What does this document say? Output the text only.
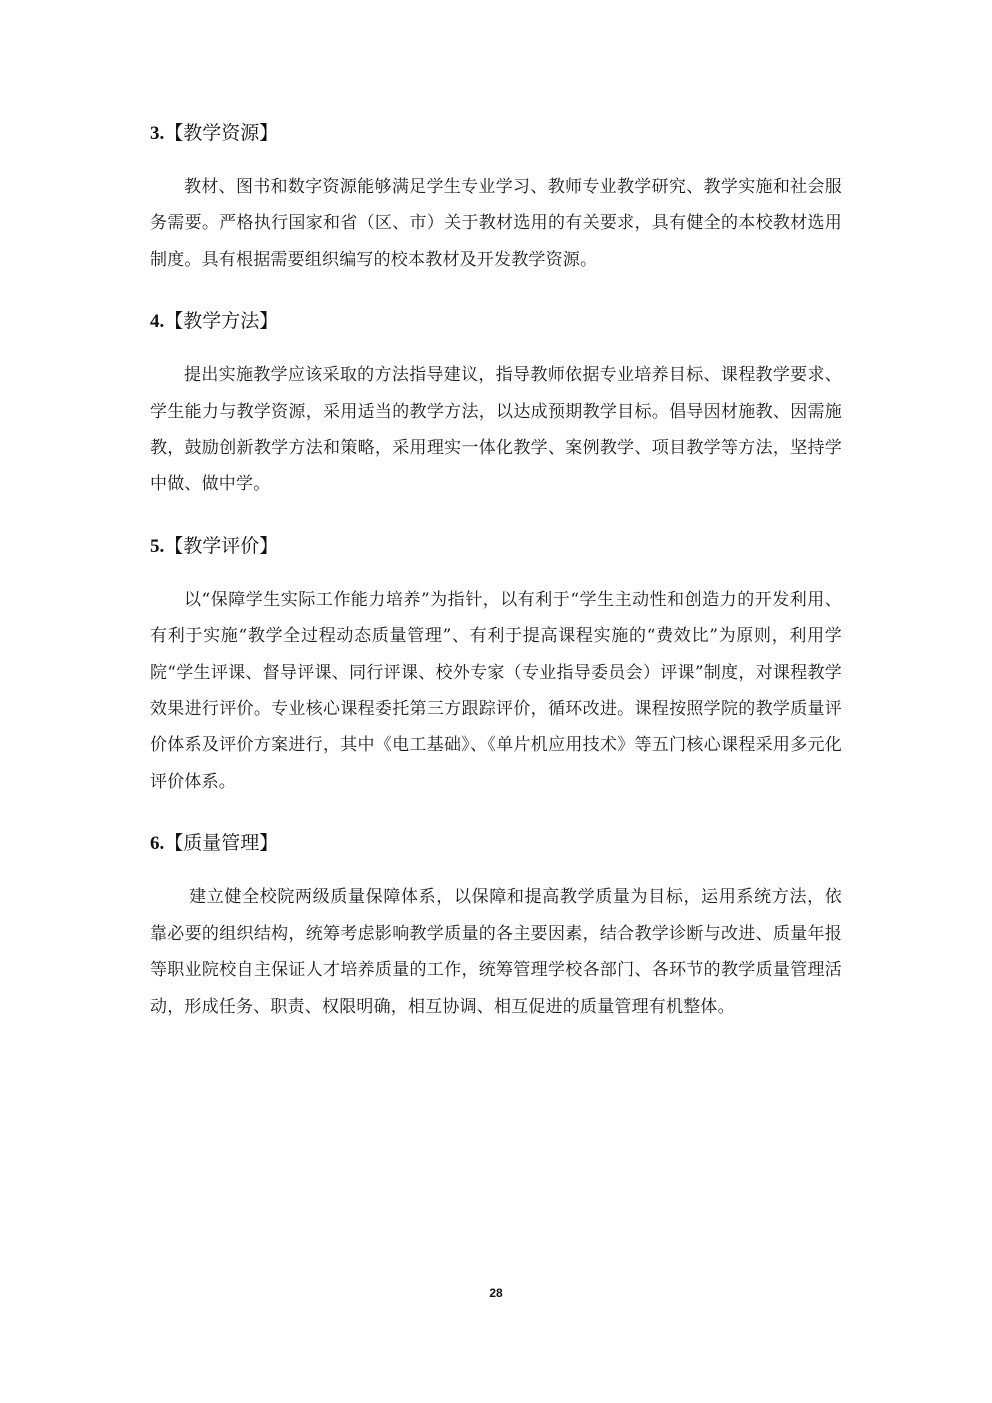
3.【教学资源】

教材、图书和数字资源能够满足学生专业学习、教师专业教学研究、教学实施和社会服务需要。严格执行国家和省（区、市）关于教材选用的有关要求，具有健全的本校教材选用制度。具有根据需要组织编写的校本教材及开发教学资源。

4.【教学方法】

提出实施教学应该采取的方法指导建议，指导教师依据专业培养目标、课程教学要求、学生能力与教学资源，采用适当的教学方法，以达成预期教学目标。倡导因材施教、因需施教，鼓励创新教学方法和策略，采用理实一体化教学、案例教学、项目教学等方法，坚持学中做、做中学。

5.【教学评价】

以“保障学生实际工作能力培养”为指针，以有利于“学生主动性和创造力的开发利用、有利于实施“教学全过程动态质量管理”、有利于提高课程实施的“费效比”为原则，利用学院“学生评课、督导评课、同行评课、校外专家（专业指导委员会）评课”制度，对课程教学效果进行评价。专业核心课程委托第三方跟踪评价，循环改进。课程按照学院的教学质量评价体系及评价方案进行，其中《电工基础》、《单片机应用技术》等五门核心课程采用多元化评价体系。

6.【质量管理】

建立健全校院两级质量保障体系，以保障和提高教学质量为目标，运用系统方法，依靠必要的组织结构，统筹考虑影响教学质量的各主要因素，结合教学诊断与改进、质量年报等职业院校自主保证人才培养质量的工作，统筹管理学校各部门、各环节的教学质量管理活动，形成任务、职责、权限明确，相互协调、相互促进的质量管理有机整体。

28
